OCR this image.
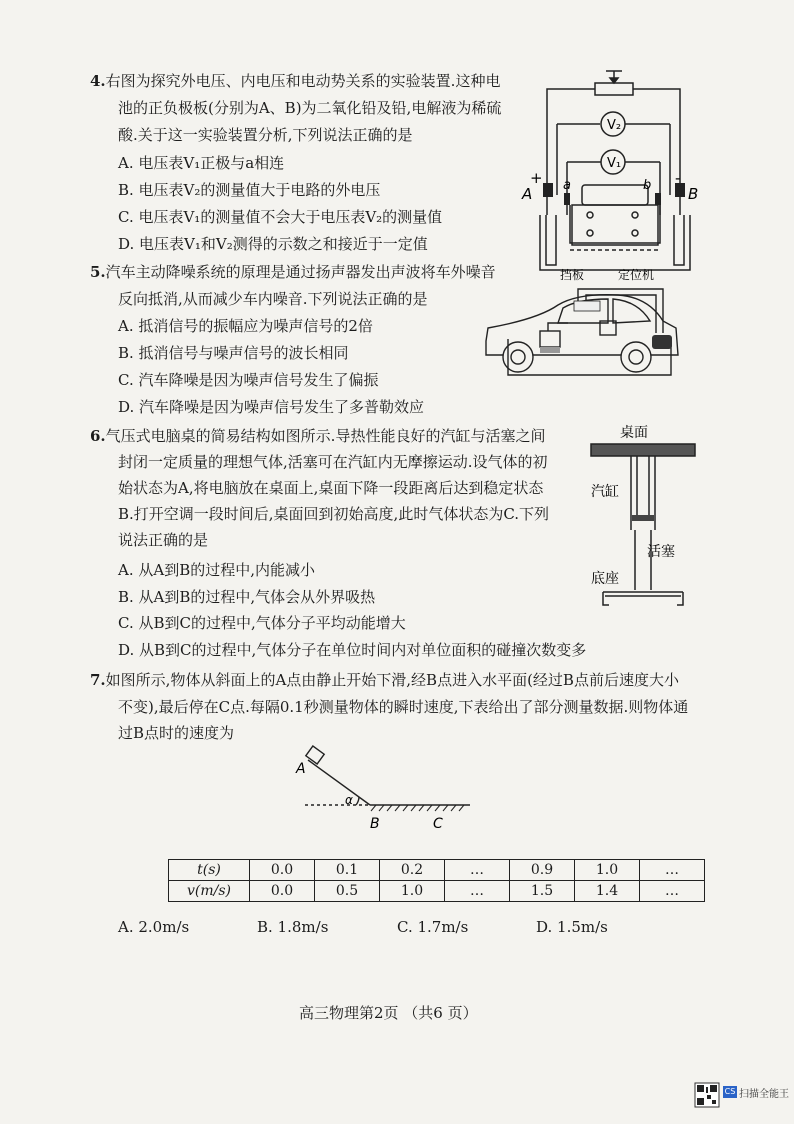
4.右图为探究外电压、内电压和电动势关系的实验装置.这种电
池的正负极板(分别为A、B)为二氧化铅及铅,电解液为稀硫
酸.关于这一实验装置分析,下列说法正确的是
A. 电压表V₁正极与a相连
B. 电压表V₂的测量值大于电路的外电压
C. 电压表V₁的测量值不会大于电压表V₂的测量值
D. 电压表V₁和V₂测得的示数之和接近于一定值
V₂
V₁
+	-
A a	b B
挡板	定位机
5.汽车主动降噪系统的原理是通过扬声器发出声波将车外噪音
反向抵消,从而减少车内噪音.下列说法正确的是
A. 抵消信号的振幅应为噪声信号的2倍
B. 抵消信号与噪声信号的波长相同
C. 汽车降噪是因为噪声信号发生了偏振
D. 汽车降噪是因为噪声信号发生了多普勒效应
6.气压式电脑桌的简易结构如图所示.导热性能良好的汽缸与活塞之间
封闭一定质量的理想气体,活塞可在汽缸内无摩擦运动.设气体的初
始状态为A,将电脑放在桌面上,桌面下降一段距离后达到稳定状态
B.打开空调一段时间后,桌面回到初始高度,此时气体状态为C.下列
说法正确的是
A. 从A到B的过程中,内能减小
B. 从A到B的过程中,气体会从外界吸热
C. 从B到C的过程中,气体分子平均动能增大
D. 从B到C的过程中,气体分子在单位时间内对单位面积的碰撞次数变多
桌面
汽缸
活塞
底座
7.如图所示,物体从斜面上的A点由静止开始下滑,经B点进入水平面(经过B点前后速度大小
不变),最后停在C点.每隔0.1秒测量物体的瞬时速度,下表给出了部分测量数据.则物体通
过B点时的速度为
A
α
B	C
t(s)	0.0	0.1	0.2	…	0.9	1.0	…
v(m/s)	0.0	0.5	1.0	…	1.5	1.4	…
A. 2.0m/s	B. 1.8m/s	C. 1.7m/s	D. 1.5m/s
高三物理第2页 （共6 页）
CS 扫描全能王
